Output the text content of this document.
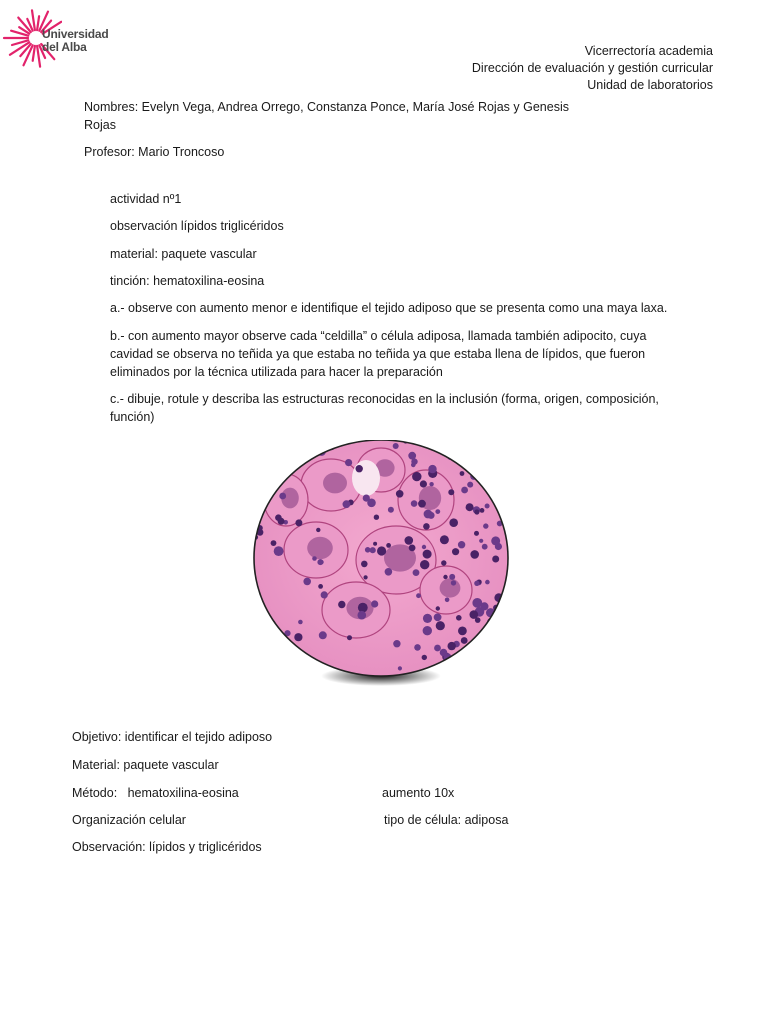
Universidad
del Alba	Vicerrectoría academia
Dirección de evaluación y gestión curricular
Unidad de laboratorios
Nombres: Evelyn Vega, Andrea Orrego, Constanza Ponce, María José Rojas y Genesis Rojas
Profesor: Mario Troncoso
actividad nº1
observación lípidos triglicéridos
material: paquete vascular
tinción: hematoxilina-eosina
a.- observe con aumento menor e identifique el tejido adiposo que se presenta como una maya laxa.
b.- con aumento mayor observe cada “celdilla” o célula adiposa, llamada también adipocito, cuya cavidad se observa no teñida ya que estaba no teñida ya que estaba llena de lípidos, que fueron eliminados por la técnica utilizada para hacer la preparación
c.- dibuje, rotule y describa las estructuras reconocidas en la inclusión (forma, origen, composición, función)
Objetivo: identificar el tejido adiposo
Material: paquete vascular
Método:   hematoxilina-eosina	aumento 10x
Organización celular	tipo de célula: adiposa
Observación: lípidos y triglicéridos
